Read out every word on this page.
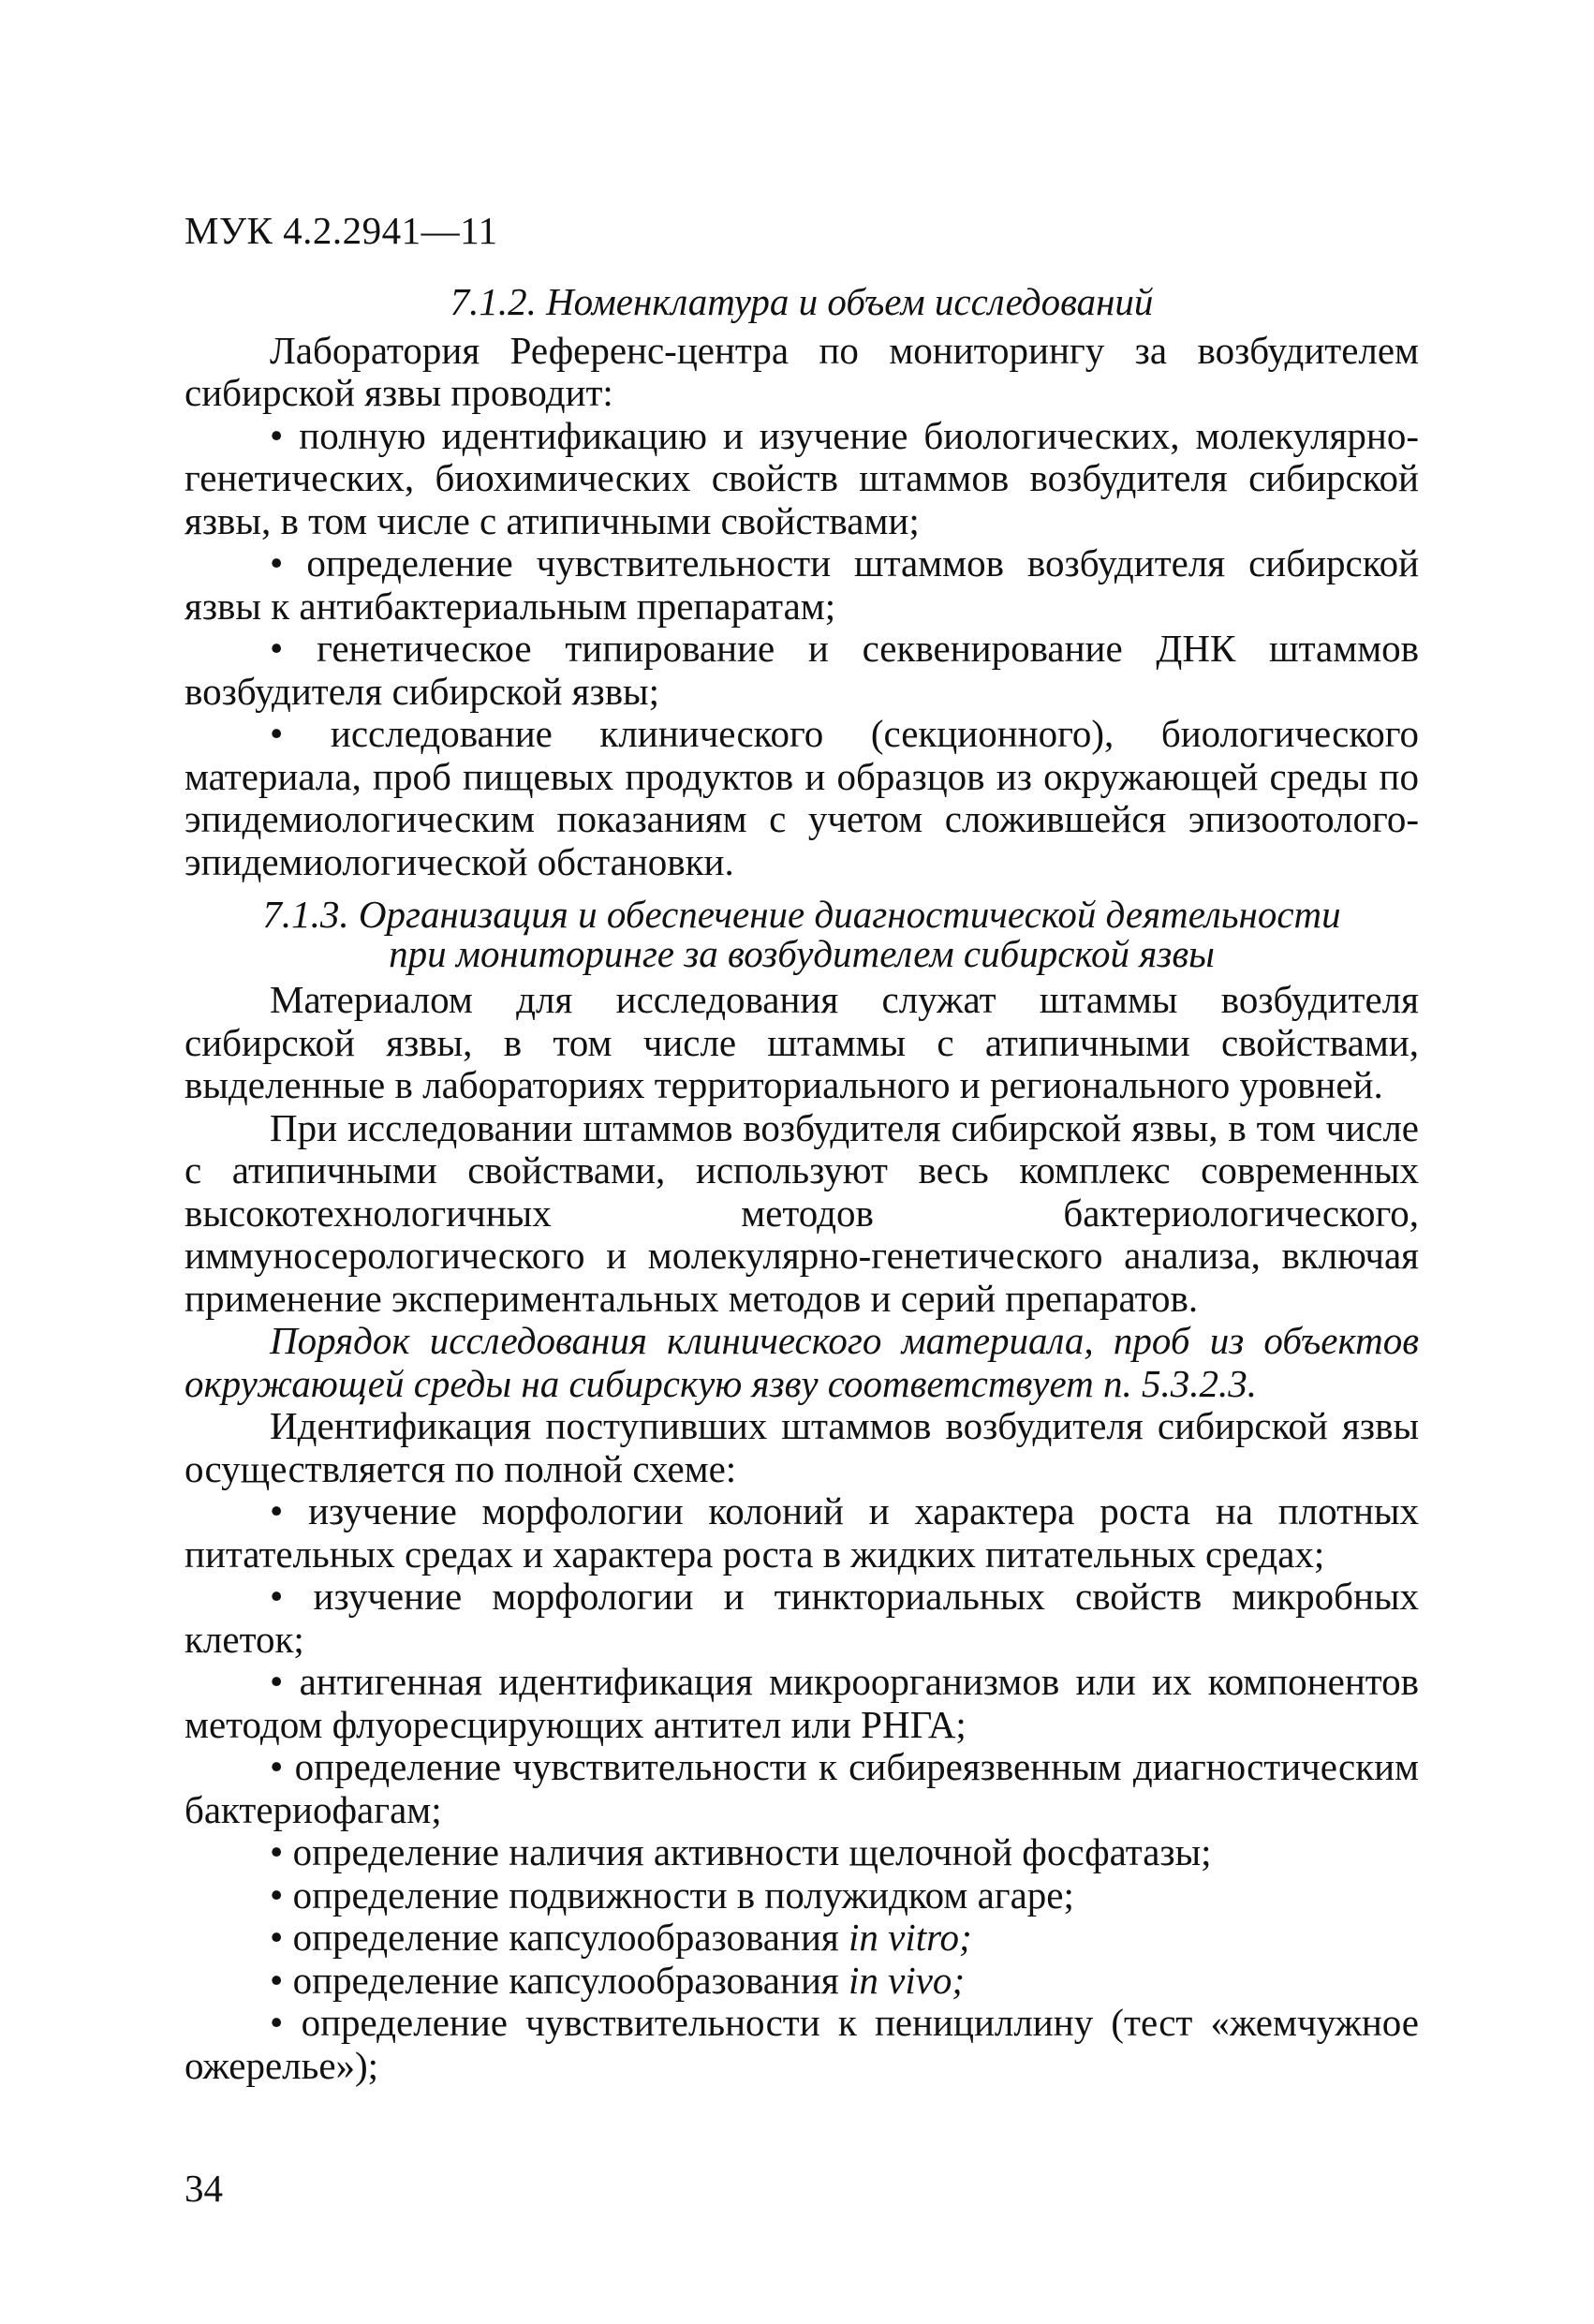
МУК 4.2.2941—11
7.1.2. Номенклатура и объем исследований

Лаборатория Референс-центра по мониторингу за возбудителем сибирской язвы проводит:

• полную идентификацию и изучение биологических, молекулярно-генетических, биохимических свойств штаммов возбудителя сибирской язвы, в том числе с атипичными свойствами;

• определение чувствительности штаммов возбудителя сибирской язвы к антибактериальным препаратам;

• генетическое типирование и секвенирование ДНК штаммов возбудителя сибирской язвы;

• исследование клинического (секционного), биологического материала, проб пищевых продуктов и образцов из окружающей среды по эпидемиологическим показаниям с учетом сложившейся эпизоотолого-эпидемиологической обстановки.

7.1.3. Организация и обеспечение диагностической деятельности
при мониторинге за возбудителем сибирской язвы

Материалом для исследования служат штаммы возбудителя сибирской язвы, в том числе штаммы с атипичными свойствами, выделенные в лабораториях территориального и регионального уровней.

При исследовании штаммов возбудителя сибирской язвы, в том числе с атипичными свойствами, используют весь комплекс современных высокотехнологичных методов бактериологического, иммуносерологического и молекулярно-генетического анализа, включая применение экспериментальных методов и серий препаратов.

Порядок исследования клинического материала, проб из объектов окружающей среды на сибирскую язву соответствует п. 5.3.2.3.

Идентификация поступивших штаммов возбудителя сибирской язвы осуществляется по полной схеме:

• изучение морфологии колоний и характера роста на плотных питательных средах и характера роста в жидких питательных средах;

• изучение морфологии и тинкториальных свойств микробных клеток;

• антигенная идентификация микроорганизмов или их компонентов методом флуоресцирующих антител или РНГА;

• определение чувствительности к сибиреязвенным диагностическим бактериофагам;

• определение наличия активности щелочной фосфатазы;

• определение подвижности в полужидком агаре;

• определение капсулообразования in vitro;

• определение капсулообразования in vivo;

• определение чувствительности к пенициллину (тест «жемчужное ожерелье»);

34
